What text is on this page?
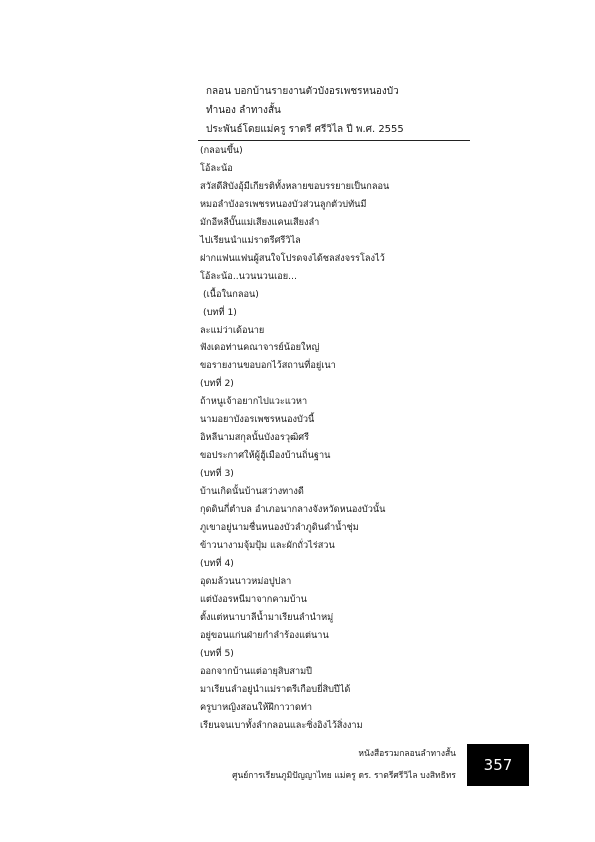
กลอน บอกบ้านรายงานตัวบังอรเพชรหนองบัว
ทำนอง ลำทางสั้น
ประพันธ์โดยแม่ครู ราตรี ศรีวิไล ปี พ.ศ. 2555
(กลอนขึ้น)
โอ้ละน้อ
สวัสดีสิบังอุ้มีเกียรติทั้งหลายขอบรรยายเป็นกลอน
หมอลำบังอรเพชรหนองบัวส่วนลูกตัวบ่ทันมี
มักอีหลีบั๊นแม่เสียงแคนเสียงลำ
ไปเรียนนำแม่ราตรีศรีวิไล
ฝากแฟนแฟนผู้สนใจโปรดจงได้ชลส่งจรรโลงไว้
โอ้ละน้อ..นวนนวนเอย...
(เนื้อในกลอน)
(บทที่ 1)
ละแม่ว่าเด้อนาย
ฟังเดอท่านคณาจารย์น้อยใหญ่
ขอรายงานขอบอกไว้สถานที่อยู่เนา
(บทที่ 2)
ถ้าหนูเจ้าอยากไปแวะแวหา
นามอยาบังอรเพชรหนองบัวนี้
อิหลีนามสกุลนั้นบังอรวุฒิศรี
ขอประกาศให้ผู้ฮู้เมืองบ้านถิ่นฐาน
(บทที่ 3)
บ้านเกิดนั้นบ้านสว่างทางดี
กุดดินกี่ตำบล อำเภอนากลางจังหวัดหนองบัวนั้น
ภูเขาอยู่นามชื่นหนองบัวลำภูดินดำน้ำชุ่ม
ข้าวนางามจุ้มปุ้ม และผักถั่วไร่สวน
(บทที่ 4)
อุดมล้วนนาวหม่อปูปลา
แต่บังอรหนีมาจากคามบ้าน
ตั้งแต่หนาบาลีน้ำมาเรียนลำนำหมู่
อยู่ขอนแก่นฝ่ายกำลำร้องแต่นาน
(บทที่ 5)
ออกจากบ้านแต่อายุสิบสามปี
มาเรียนลำอยู่นำแม่ราตรีเกือบยี่สิบปีได้
ครูบาหญิงสอนให้ฝึกาวาดท่า
เรียนจนเบาทั้งลำกลอนและซิ่งอิงไว้สิ่งงาม
หนังสือรวมกลอนลำทางสั้น
ศูนย์การเรียนภูมิปัญญาไทย แม่ครู ดร. ราตรีศรีวิไล บงสิทธิทร
357
